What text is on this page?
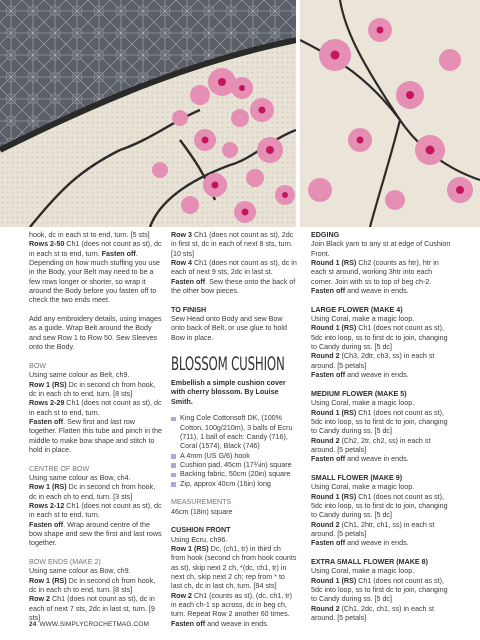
hook, dc in each st to end, turn. [5 sts]

Rows 2-50 Ch1 (does not count as st), dc in each st to end, turn. Fasten off. Depending on how much stuffing you use in the Body, your Belt may need to be a few rows longer or shorter, so wrap it around the Body before you fasten off to check the two ends meet.

Add any embroidery details, using images as a guide. Wrap Belt around the Body and sew Row 1 to Row 50. Sew Sleeves onto the Body.

BOW

Using same colour as Belt, ch9.

Row 1 (RS) Dc in second ch from hook, dc in each ch to end, turn. [8 sts]

Rows 2-29 Ch1 (does not count as st), dc in each st to end, turn.

Fasten off. Sew first and last row together. Flatten this tube and pinch in the middle to make bow shape and stitch to hold in place.

CENTRE OF BOW

Using same colour as Bow, ch4.

Row 1 (RS) Dc in second ch from hook, dc in each ch to end, turn. [3 sts]

Rows 2-12 Ch1 (does not count as st), dc in each st to end, turn.

Fasten off. Wrap around centre of the bow shape and sew the first and last rows together.

BOW ENDS (MAKE 2)

Using same colour as Bow, ch9.

Row 1 (RS) Dc in second ch from hook, dc in each ch to end, turn. [8 sts]

Row 2 Ch1 (does not count as st), dc in each of next 7 sts, 2dc in last st, turn. [9 sts]

Row 3 Ch1 (does not count as st), 2dc in first st, dc in each of next 8 sts, turn. [10 sts]

Row 4 Ch1 (does not count as st), dc in each of next 9 sts, 2dc in last st.

Fasten off. Sew these onto the back of the other bow pieces.

TO FINISH

Sew Head onto Body and sew Bow onto back of Belt, or use glue to hold Bow in place.

BLOSSOM CUSHION

Embellish a simple cushion cover with cherry blossom. By Louise Smith.

King Cole Cottonsoft DK, (100% Cotton, 100g/210m), 3 balls of Ecru (711), 1 ball of each: Candy (716), Coral (1574), Black (746)
A 4mm (US G/6) hook
Cushion pad, 45cm (17¾in) square
Backing fabric, 50cm (20in) square
Zip, approx 40cm (16in) long

MEASUREMENTS

46cm (18in) square

CUSHION FRONT

Using Ecru, ch96.

Row 1 (RS) Dc, (ch1, tr) in third ch from hook (second ch from hook counts as st), skip next 2 ch, *(dc, ch1, tr) in next ch, skip next 2 ch; rep from * to last ch, dc in last ch, turn. [94 sts]

Row 2 Ch1 (counts as st), (dc, ch1, tr) in each ch-1 sp across, dc in beg ch, turn. Repeat Row 2 another 60 times.

Fasten off and weave in ends.

EDGING

Join Black yarn to any st at edge of Cushion Front.

Round 1 (RS) Ch2 (counts as htr), htr in each st around, working 3htr into each corner. Join with ss to top of beg ch-2.

Fasten off and weave in ends.

LARGE FLOWER (MAKE 4)

Using Coral, make a magic loop.

Round 1 (RS) Ch1 (does not count as st), 5dc into loop, ss to first dc to join, changing to Candy during ss. [5 dc]

Round 2 (Ch3, 2dtr, ch3, ss) in each st around. [5 petals]

Fasten off and weave in ends.

MEDIUM FLOWER (MAKE 5)

Using Coral, make a magic loop.

Round 1 (RS) Ch1 (does not count as st), 5dc into loop, ss to first dc to join, changing to Candy during ss. [5 dc]

Round 2 (Ch2, 2tr, ch2, ss) in each st around. [5 petals]

Fasten off and weave in ends.

SMALL FLOWER (MAKE 9)

Using Coral, make a magic loop.

Round 1 (RS) Ch1 (does not count as st), 5dc into loop, ss to first dc to join, changing to Candy during ss. [5 dc]

Round 2 (Ch1, 2htr, ch1, ss) in each st around. [5 petals]

Fasten off and weave in ends.

EXTRA SMALL FLOWER (MAKE 8)

Using Coral, make a magic loop.

Round 1 (RS) Ch1 (does not count as st), 5dc into loop, ss to first dc to join, changing to Candy during ss. [5 dc]

Round 2 (Ch1, 2dc, ch1, ss) in each st around. [5 petals]

24 WWW.SIMPLYCROCHETMAG.COM
